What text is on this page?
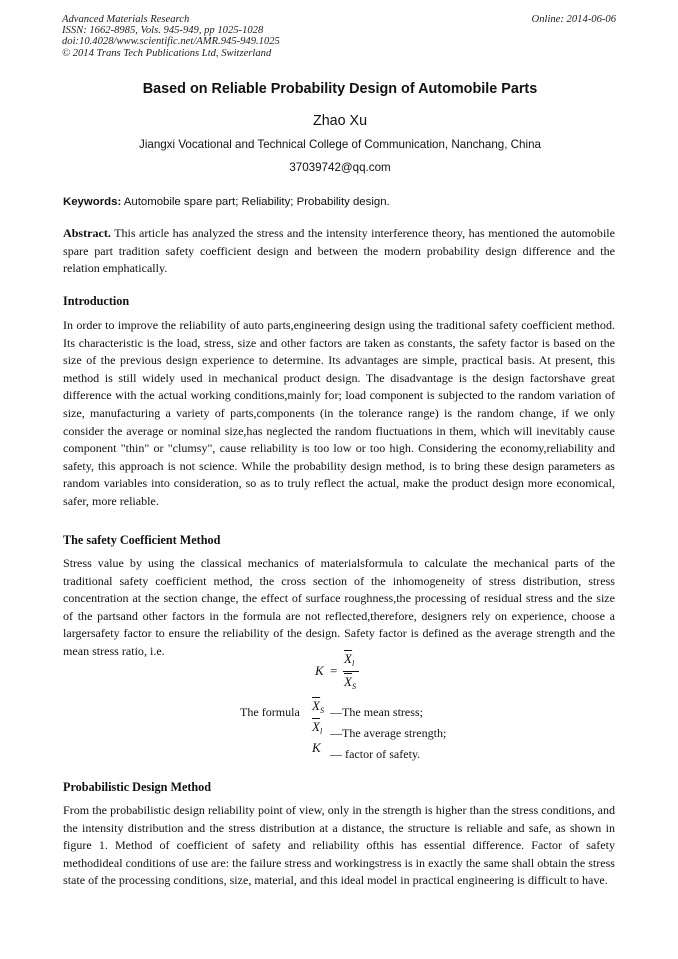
Advanced Materials Research
ISSN: 1662-8985, Vols. 945-949, pp 1025-1028
doi:10.4028/www.scientific.net/AMR.945-949.1025
© 2014 Trans Tech Publications Ltd, Switzerland
Online: 2014-06-06
Based on Reliable Probability Design of Automobile Parts
Zhao Xu
Jiangxi Vocational and Technical College of Communication, Nanchang, China
37039742@qq.com
Keywords: Automobile spare part; Reliability; Probability design.
Abstract. This article has analyzed the stress and the intensity interference theory, has mentioned the automobile spare part tradition safety coefficient design and between the modern probability design difference and the relation emphatically.
Introduction
In order to improve the reliability of auto parts,engineering design using the traditional safety coefficient method. Its characteristic is the load, stress, size and other factors are taken as constants, the safety factor is based on the size of the previous design experience to determine. Its advantages are simple, practical basis. At present, this method is still widely used in mechanical product design. The disadvantage is the design factorshave great difference with the actual working conditions,mainly for; load component is subjected to the random variation of size, manufacturing a variety of parts,components (in the tolerance range) is the random change, if we only consider the average or nominal size,has neglected the random fluctuations in them, which will inevitably cause component "thin" or "clumsy", cause reliability is too low or too high. Considering the economy,reliability and safety, this approach is not science. While the probability design method, is to bring these design parameters as random variables into consideration, so as to truly reflect the actual, make the product design more economical, safer, more reliable.
The safety Coefficient Method
Stress value by using the classical mechanics of materialsformula to calculate the mechanical parts of the traditional safety coefficient method, the cross section of the inhomogeneity of stress distribution, stress concentration at the section change, the effect of surface roughness,the processing of residual stress and the size of the partsand other factors in the formula are not reflected,therefore, designers rely on experience, choose a largersafety factor to ensure the reliability of the design. Safety factor is defined as the average strength and the mean stress ratio, i.e.
K =
$\overline{X}_l$
$\overline{X}_S$
The formula $\overline{X}_S$ —The mean stress;
$\overline{X}_l$ —The average strength;
K — factor of safety.
Probabilistic Design Method
From the probabilistic design reliability point of view, only in the strength is higher than the stress conditions, and the intensity distribution and the stress distribution at a distance, the structure is reliable and safe, as shown in figure 1. Method of coefficient of safety and reliability ofthis has essential difference. Factor of safety methodideal conditions of use are: the failure stress and workingstress is in exactly the same shall obtain the stress state of the processing conditions, size, material, and this ideal model in practical engineering is difficult to have.
